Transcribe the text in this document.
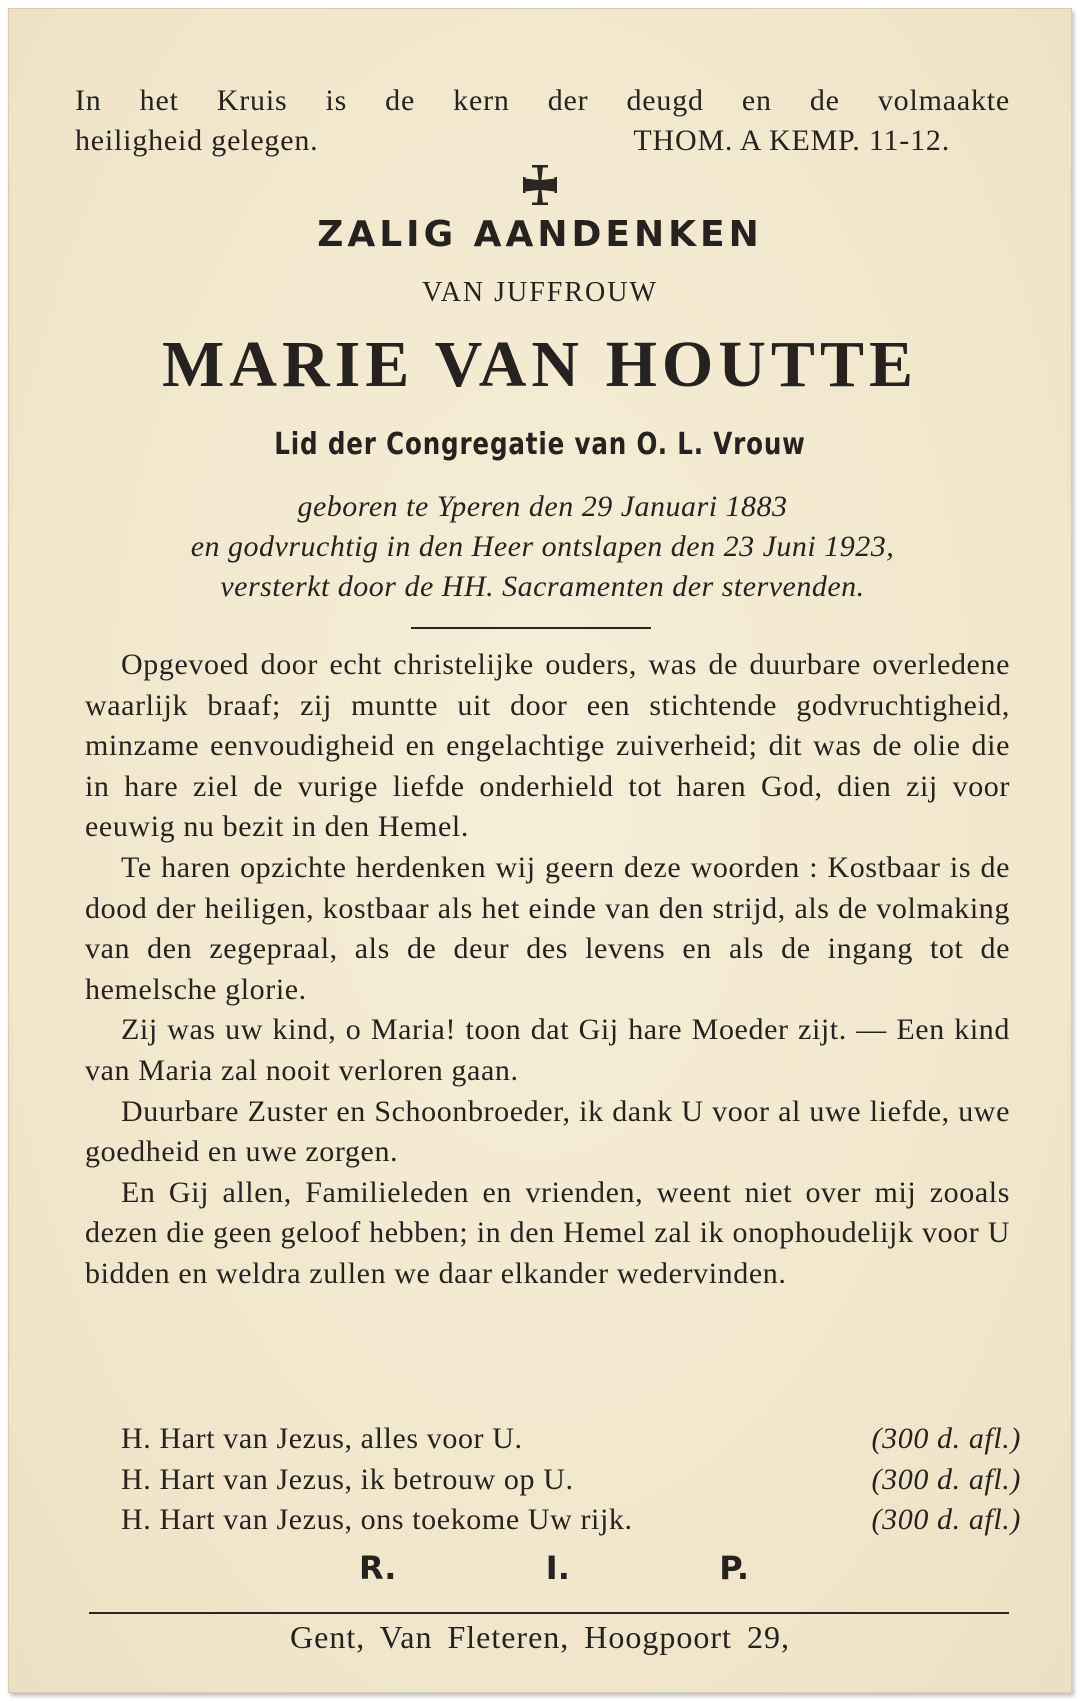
In het Kruis is de kern der deugd en de volmaakte
heiligheid gelegen.	THOM. A KEMP. 11-12.
ZALIG AANDENKEN
VAN JUFFROUW
MARIE VAN HOUTTE
Lid der Congregatie van O. L. Vrouw
geboren te Yperen den 29 Januari 1883
en godvruchtig in den Heer ontslapen den 23 Juni 1923,
versterkt door de HH. Sacramenten der stervenden.

Opgevoed door echt christelijke ouders, was de duurbare overledene waarlijk braaf; zij muntte uit door een stichtende godvruchtigheid, minzame eenvoudigheid en engelachtige zuiverheid; dit was de olie die in hare ziel de vurige liefde onderhield tot haren God, dien zij voor eeuwig nu bezit in den Hemel.

Te haren opzichte herdenken wij geern deze woorden : Kostbaar is de dood der heiligen, kostbaar als het einde van den strijd, als de volmaking van den zegepraal, als de deur des levens en als de ingang tot de hemelsche glorie.

Zij was uw kind, o Maria! toon dat Gij hare Moeder zijt. — Een kind van Maria zal nooit verloren gaan.

Duurbare Zuster en Schoonbroeder, ik dank U voor al uwe liefde, uwe goedheid en uwe zorgen.

En Gij allen, Familieleden en vrienden, weent niet over mij zooals dezen die geen geloof hebben; in den Hemel zal ik onophoudelijk voor U bidden en weldra zullen we daar elkander wedervinden.

H. Hart van Jezus, alles voor U.	(300 d. afl.)
H. Hart van Jezus, ik betrouw op U.	(300 d. afl.)
H. Hart van Jezus, ons toekome Uw rijk.	(300 d. afl.)
R.	I.	P.
Gent, Van Fleteren, Hoogpoort 29,
